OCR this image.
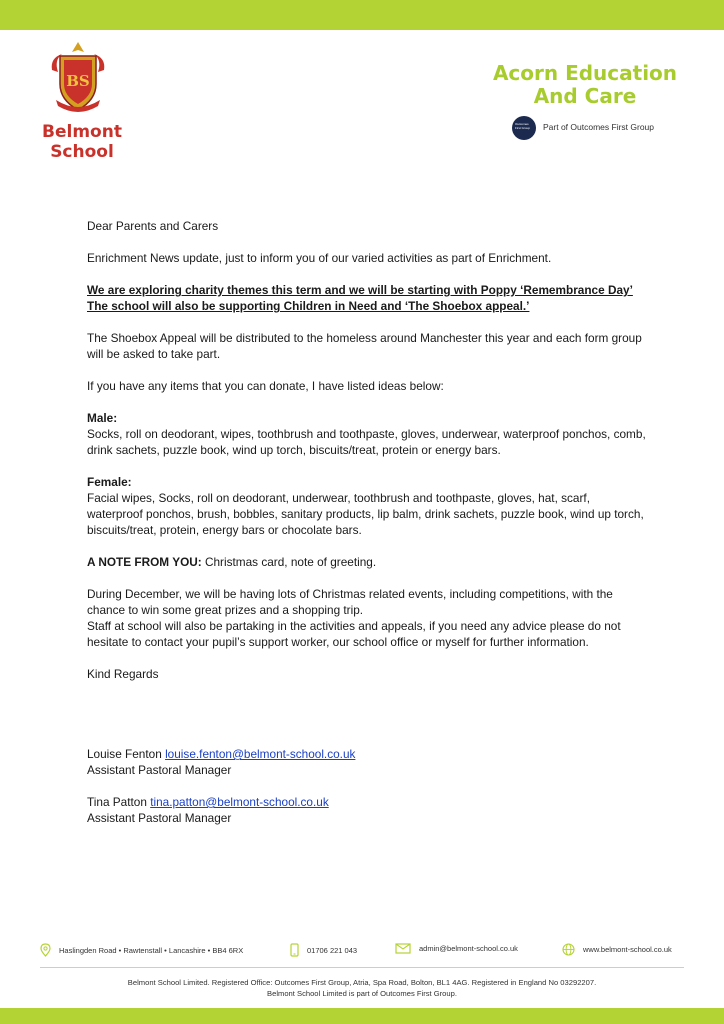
BS
Belmont
School
Acorn Education
And Care
Outcomes First Group	Part of Outcomes First Group

Dear Parents and Carers

Enrichment News update, just to inform you of our varied activities as part of Enrichment.

We are exploring charity themes this term and we will be starting with Poppy ‘Remembrance Day’
The school will also be supporting Children in Need and ‘The Shoebox appeal.’

The Shoebox Appeal will be distributed to the homeless around Manchester this year and each form group will be asked to take part.

If you have any items that you can donate, I have listed ideas below:

Male:
Socks, roll on deodorant, wipes, toothbrush and toothpaste, gloves, underwear, waterproof ponchos, comb, drink sachets, puzzle book, wind up torch, biscuits/treat, protein or energy bars.

Female:
Facial wipes, Socks, roll on deodorant, underwear, toothbrush and toothpaste, gloves, hat, scarf, waterproof ponchos, brush, bobbles, sanitary products, lip balm, drink sachets, puzzle book, wind up torch, biscuits/treat, protein, energy bars or chocolate bars.

A NOTE FROM YOU: Christmas card, note of greeting.

During December, we will be having lots of Christmas related events, including competitions, with the chance to win some great prizes and a shopping trip.
Staff at school will also be partaking in the activities and appeals, if you need any advice please do not hesitate to contact your pupil’s support worker, our school office or myself for further information.

Kind Regards

Louise Fenton louise.fenton@belmont-school.co.uk
Assistant Pastoral Manager

Tina Patton tina.patton@belmont-school.co.uk
Assistant Pastoral Manager

Haslingden Road • Rawtenstall • Lancashire • BB4 6RX	01706 221 043	admin@belmont-school.co.uk	www.belmont-school.co.uk
Belmont School Limited. Registered Office: Outcomes First Group, Atria, Spa Road, Bolton, BL1 4AG. Registered in England No 03292207.
Belmont School Limited is part of Outcomes First Group.
